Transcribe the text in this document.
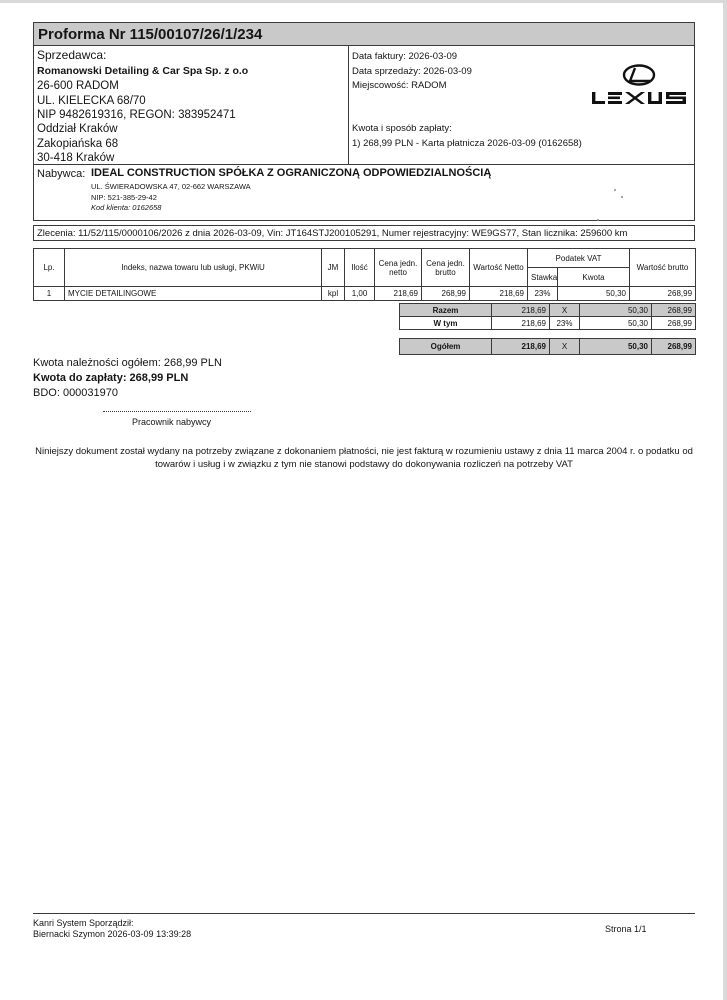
Proforma Nr 115/00107/26/1/234
Sprzedawca:
Romanowski Detailing & Car Spa Sp. z o.o
26-600 RADOM
UL. KIELECKA 68/70
NIP 9482619316, REGON: 383952471
Oddział Kraków
Zakopiańska 68
30-418 Kraków
Data faktury: 2026-03-09
Data sprzedaży: 2026-03-09
Miejscowość: RADOM
Kwota i sposób zapłaty:
1) 268,99 PLN - Karta płatnicza 2026-03-09 (0162658)
Nabywca: IDEAL CONSTRUCTION SPÓŁKA Z OGRANICZONĄ ODPOWIEDZIALNOŚCIĄ
UL. ŚWIERADOWSKA 47, 02-662 WARSZAWA
NIP: 521-385-29-42
Kod klienta: 0162658
Zlecenia: 11/52/115/0000106/2026 z dnia 2026-03-09, Vin: JT164STJ200105291, Numer rejestracyjny: WE9GS77, Stan licznika: 259600 km
Lp.	Indeks, nazwa towaru lub usługi, PKWiU	JM	Ilość	Cena jedn. netto	Cena jedn. brutto	Wartość Netto	Podatek VAT		Wartość brutto
							Stawka	Kwota	
1	MYCIE DETAILINGOWE	kpl	1,00	218,69	268,99	218,69	23%	50,30	268,99
Razem	218,69	X	50,30	268,99
W tym	218,69	23%	50,30	268,99
Ogółem	218,69	X	50,30	268,99
Kwota należności ogółem: 268,99 PLN
Kwota do zapłaty: 268,99 PLN
BDO: 000031970
Pracownik nabywcy
Niniejszy dokument został wydany na potrzeby związane z dokonaniem płatności, nie jest fakturą w rozumieniu ustawy z dnia 11 marca 2004 r. o podatku od towarów i usług i w związku z tym nie stanowi podstawy do dokonywania rozliczeń na potrzeby VAT
Kanri System Sporządził:
Biernacki Szymon 2026-03-09 13:39:28	Strona 1/1
